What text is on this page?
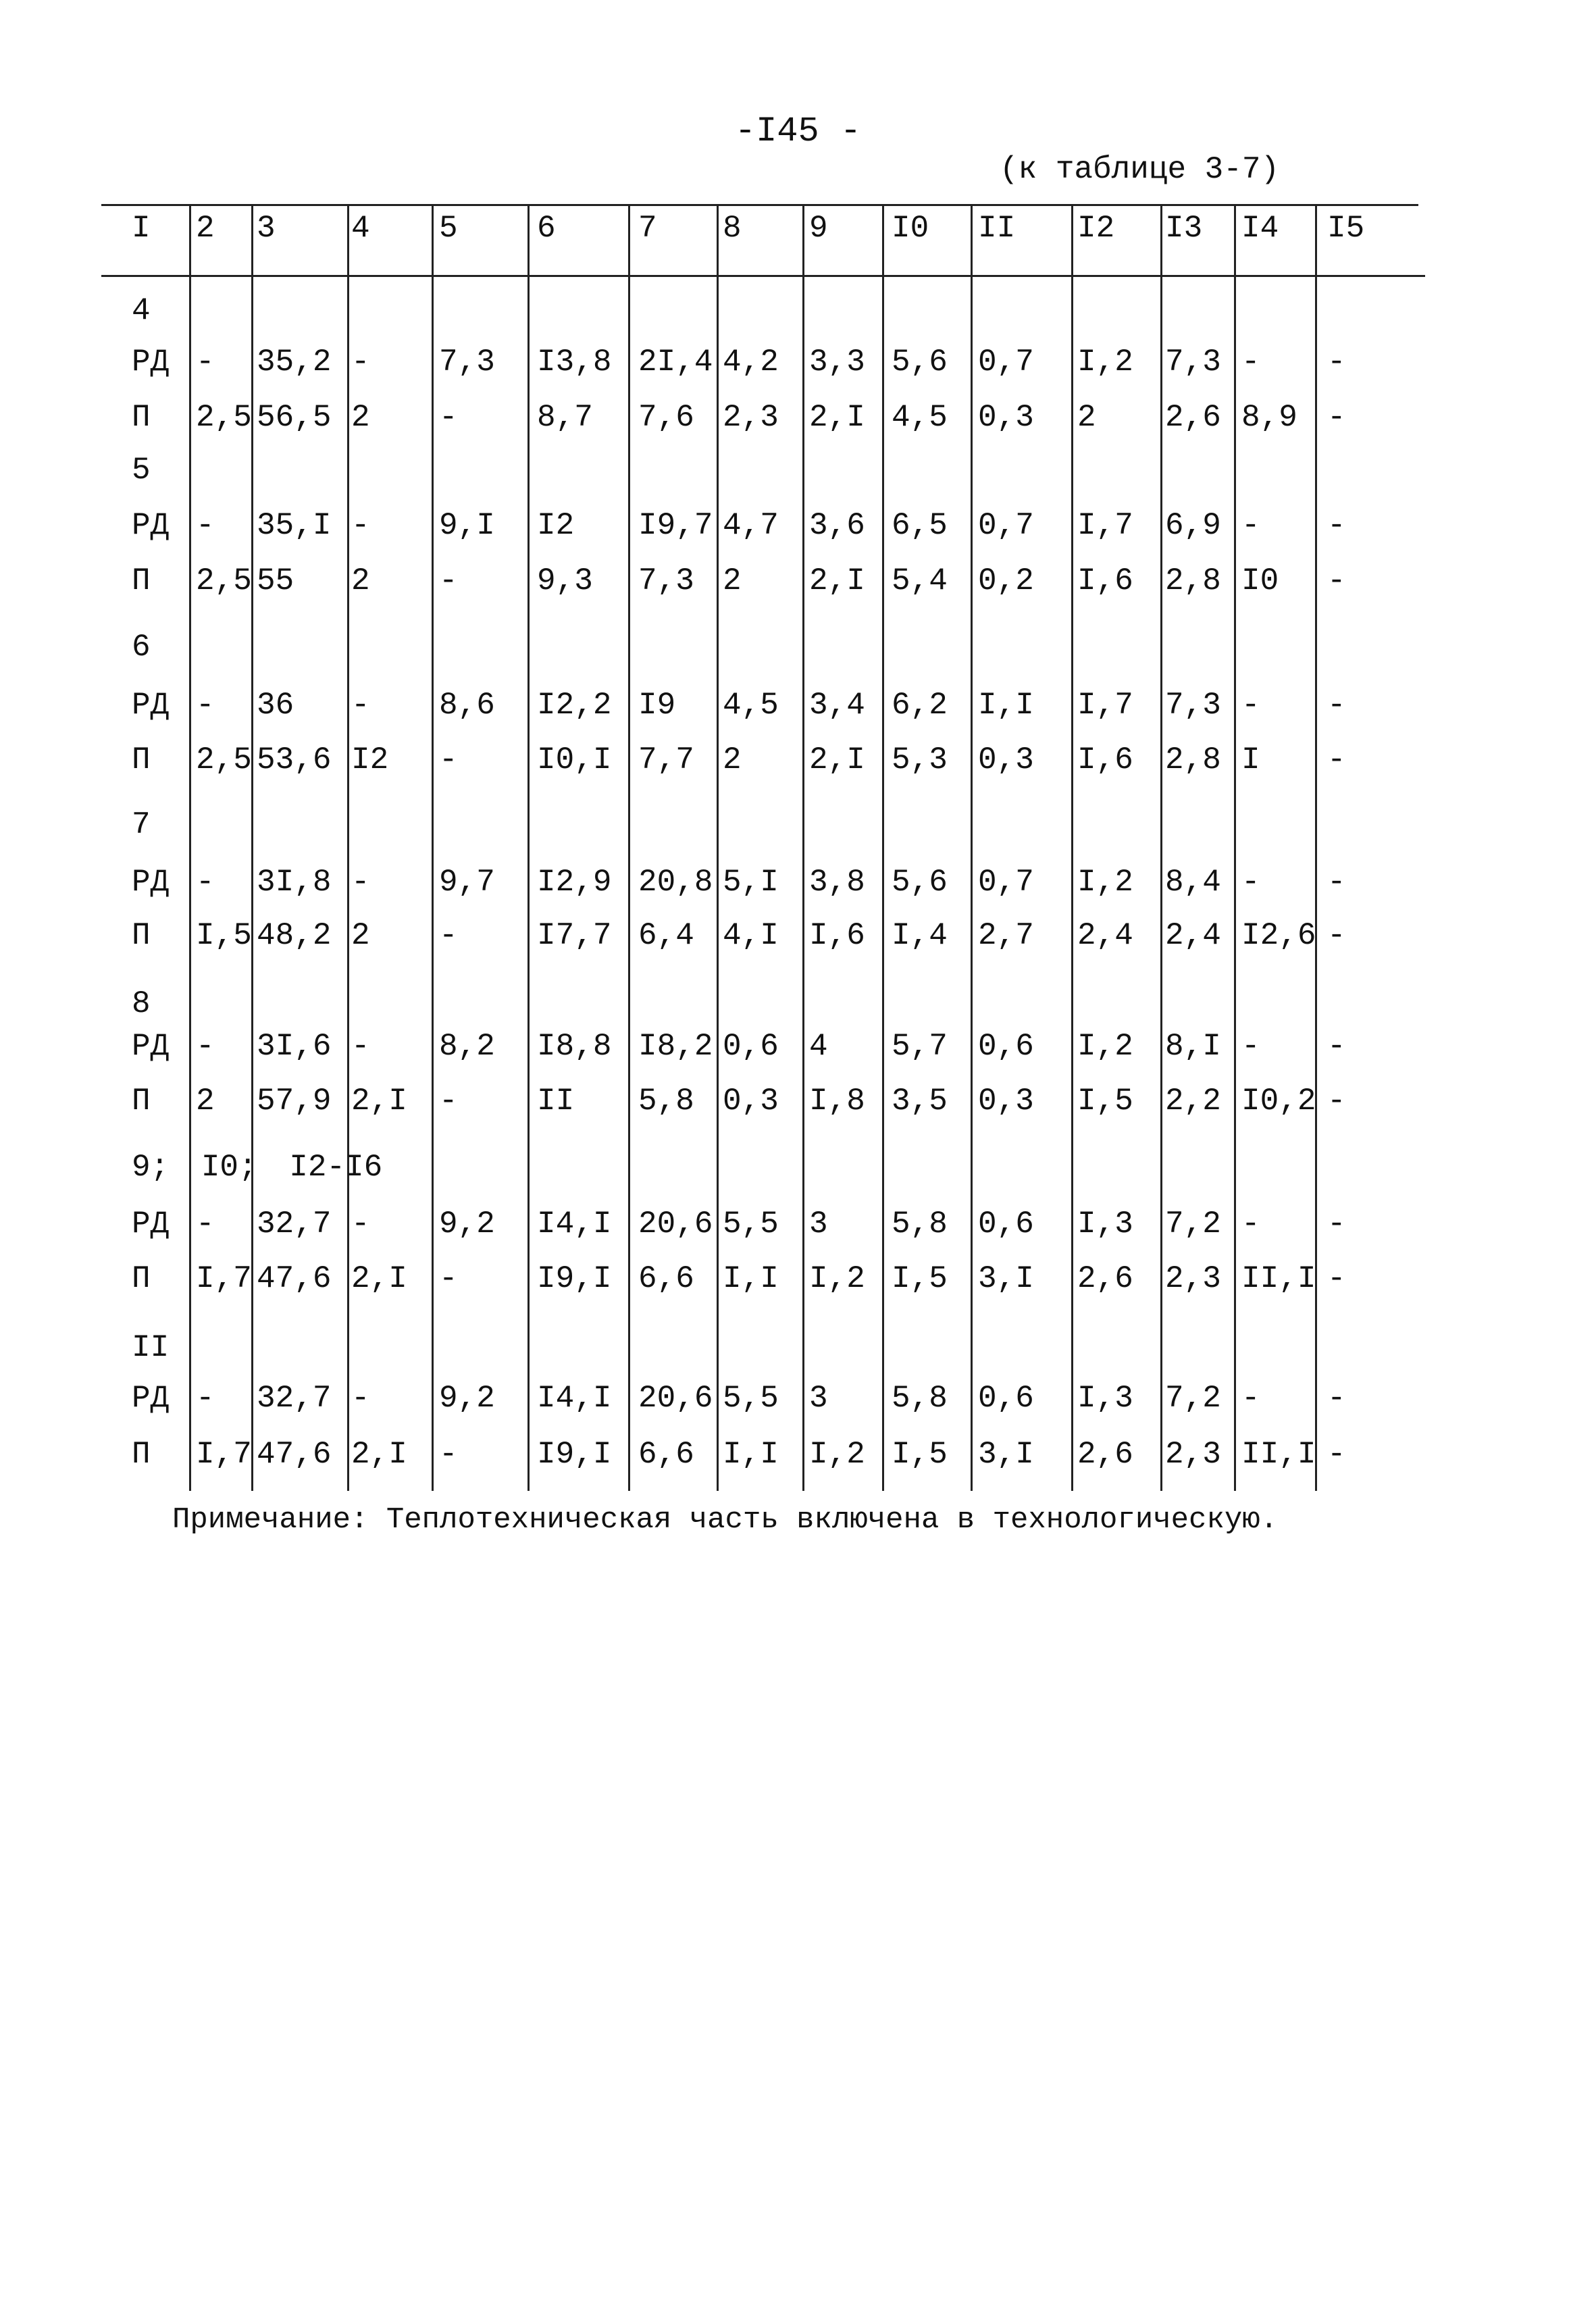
-I45 -
(к таблице 3-7)
I 2 3 4 5	6	7 8 9 I0 II I2 I3 I4 I5
4
РД - 35,2 - 7,3 I3,8 2I,4 4,2 3,3 5,6 0,7 I,2 7,3 - -
П 2,5 56,5 2 -	8,7 7,6 2,3 2,I 4,5 0,3 2 2,6 8,9 -
5
РД - 35,I - 9,I I2 I9,7 4,7 3,6 6,5 0,7 I,7 6,9 - -
П 2,5 55 2 -	9,3 7,3 2 2,I 5,4 0,2 I,6 2,8 I0 -
6
РД - 36 - 8,6 I2,2 I9 4,5 3,4 6,2 I,I I,7 7,3 - -
П 2,5 53,6 I2 -	I0,I 7,7 2 2,I 5,3 0,3 I,6 2,8 I -
7
РД - 3I,8 - 9,7 I2,9 20,8 5,I 3,8 5,6 0,7 I,2 8,4 - -
П I,5 48,2 2 -	I7,7 6,4 4,I I,6 I,4 2,7 2,4 2,4 I2,6 -
8
РД - 3I,6 - 8,2 I8,8 I8,2 0,6 4 5,7 0,6 I,2 8,I - -
П 2 57,9 2,I -	II 5,8 0,3 I,8 3,5 0,3 I,5 2,2 I0,2 -
9; I0; I2-I6
РД - 32,7 - 9,2 I4,I 20,6 5,5 3 5,8 0,6 I,3 7,2 - -
П I,7 47,6 2,I -	I9,I 6,6 I,I I,2 I,5 3,I 2,6 2,3 II,I -
II
РД - 32,7 - 9,2 I4,I 20,6 5,5 3 5,8 0,6 I,3 7,2 - -
П I,7 47,6 2,I -	I9,I 6,6 I,I I,2 I,5 3,I 2,6 2,3 II,I -
Примечание: Теплотехническая часть включена в технологическую.
